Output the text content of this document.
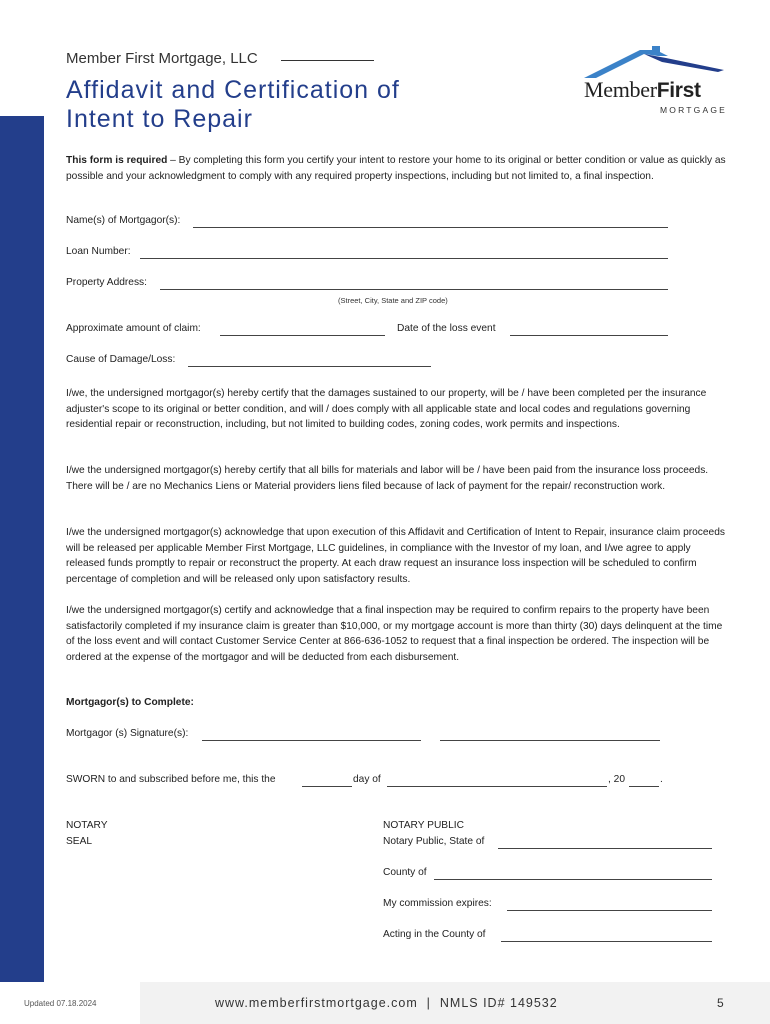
Member First Mortgage, LLC
Affidavit and Certification of
Intent to Repair
MemberFirst
MORTGAGE
This form is required – By completing this form you certify your intent to restore your home to its original or better condition or value as quickly as possible and your acknowledgment to comply with any required property inspections, including but not limited to, a final inspection.
Name(s) of Mortgagor(s):
Loan Number:
Property Address:
(Street, City, State and ZIP code)
Approximate amount of claim:	Date of the loss event
Cause of Damage/Loss:
I/we, the undersigned mortgagor(s) hereby certify that the damages sustained to our property, will be / have been completed per the insurance adjuster's scope to its original or better condition, and will / does comply with all applicable state and local codes and regulations governing residential repair or reconstruction, including, but not limited to building codes, zoning codes, work permits and inspections.
I/we the undersigned mortgagor(s) hereby certify that all bills for materials and labor will be / have been paid from the insurance loss proceeds. There will be / are no Mechanics Liens or Material providers liens filed because of lack of payment for the repair/ reconstruction work.
I/we the undersigned mortgagor(s) acknowledge that upon execution of this Affidavit and Certification of Intent to Repair, insurance claim proceeds will be released per applicable Member First Mortgage, LLC guidelines, in compliance with the Investor of my loan, and I/we agree to apply released funds promptly to repair or reconstruct the property. At each draw request an insurance loss inspection will be scheduled to confirm percentage of completion and will be released only upon satisfactory results.
I/we the undersigned mortgagor(s) certify and acknowledge that a final inspection may be required to confirm repairs to the property have been satisfactorily completed if my insurance claim is greater than $10,000, or my mortgage account is more than thirty (30) days delinquent at the time of the loss event and will contact Customer Service Center at 866-636-1052 to request that a final inspection be ordered. The inspection will be ordered at the expense of the mortgagor and will be deducted from each disbursement.
Mortgagor(s) to Complete:
Mortgagor (s) Signature(s):
SWORN to and subscribed before me, this the	day of	, 20	.
NOTARY
SEAL
NOTARY PUBLIC
Notary Public, State of
County of
My commission expires:
Acting in the County of
Updated 07.18.2024	www.memberfirstmortgage.com  |  NMLS ID# 149532	5
